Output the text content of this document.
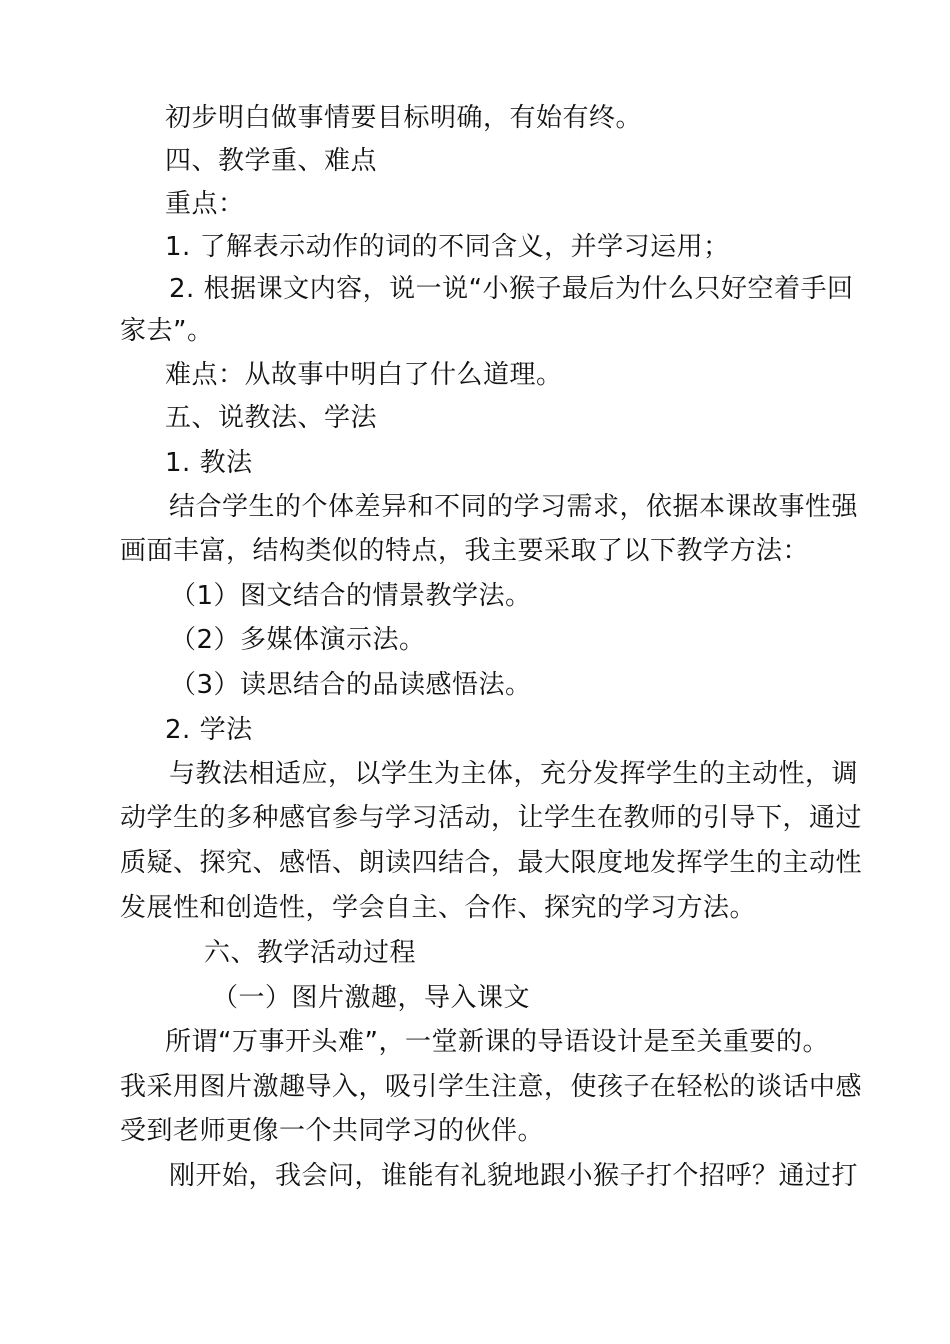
初步明白做事情要目标明确，有始有终。
四、教学重、难点
重点：
1. 了解表示动作的词的不同含义，并学习运用；
2. 根据课文内容，说一说“小猴子最后为什么只好空着手回
家去”。
难点：从故事中明白了什么道理。
五、说教法、学法
1. 教法
结合学生的个体差异和不同的学习需求，依据本课故事性强
画面丰富，结构类似的特点，我主要采取了以下教学方法：
（1）图文结合的情景教学法。
（2）多媒体演示法。
（3）读思结合的品读感悟法。
2. 学法
与教法相适应，以学生为主体，充分发挥学生的主动性，调
动学生的多种感官参与学习活动，让学生在教师的引导下，通过
质疑、探究、感悟、朗读四结合，最大限度地发挥学生的主动性
发展性和创造性，学会自主、合作、探究的学习方法。
六、教学活动过程
（一）图片激趣，导入课文
所谓“万事开头难”，一堂新课的导语设计是至关重要的。
我采用图片激趣导入，吸引学生注意，使孩子在轻松的谈话中感
受到老师更像一个共同学习的伙伴。
刚开始，我会问，谁能有礼貌地跟小猴子打个招呼？通过打
